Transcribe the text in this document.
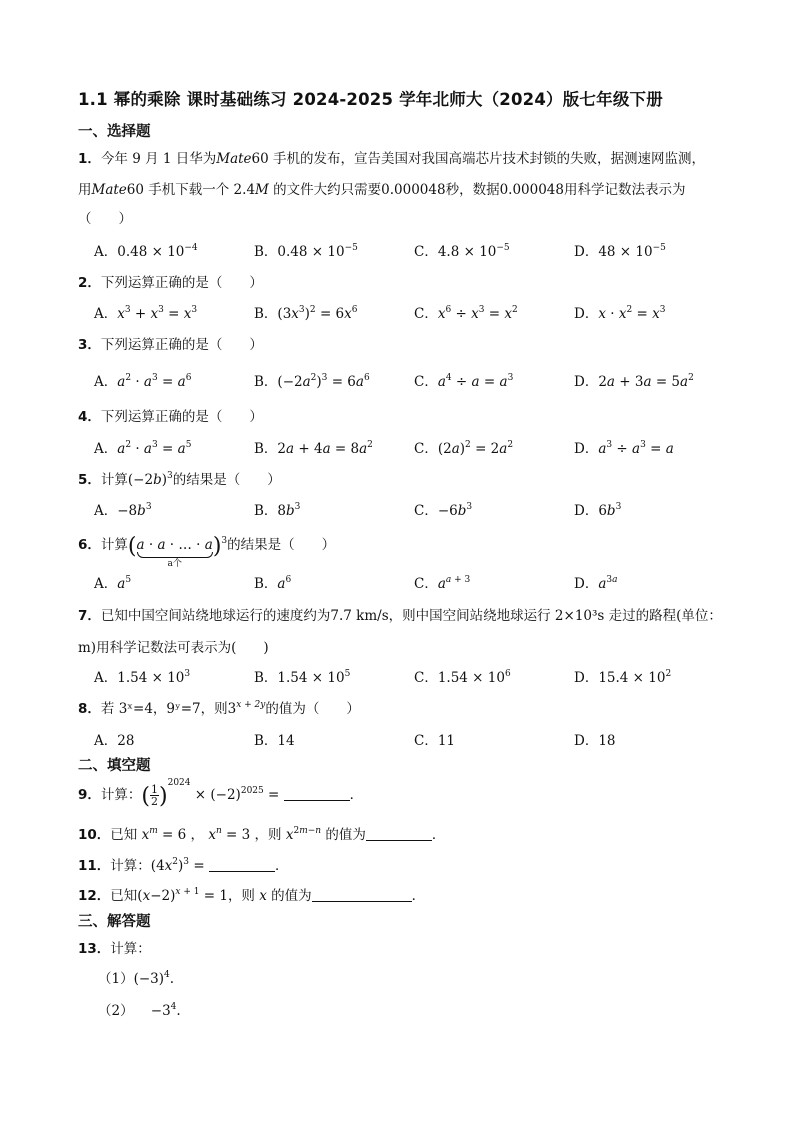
1.1 幂的乘除 课时基础练习 2024-2025 学年北师大（2024）版七年级下册
一、选择题
1．今年 9 月 1 日华为Mate60 手机的发布，宣告美国对我国高端芯片技术封锁的失败，据测速网监测，
用Mate60 手机下载一个 2.4M 的文件大约只需要0.000048秒，数据0.000048用科学记数法表示为
（　　）
A．$0.48 \times 10^{-4}$	B．$0.48 \times 10^{-5}$	C．$4.8 \times 10^{-5}$	D．$48 \times 10^{-5}$
2．下列运算正确的是（　　）
A．$x^3 + x^3 = x^3$	B．$(3x^3)^2 = 6x^6$	C．$x^6 \div x^3 = x^2$	D．$x \cdot x^2 = x^3$
3．下列运算正确的是（　　）
A．$a^2 \cdot a^3 = a^6$	B．$(-2a^2)^3 = 6a^6$	C．$a^4 \div a = a^3$	D．$2a + 3a = 5a^2$
4．下列运算正确的是（　　）
A．$a^2 \cdot a^3 = a^5$	B．$2a + 4a = 8a^2$	C．$(2a)^2 = 2a^2$	D．$a^3 \div a^3 = a$
5．计算$(-2b)^3$的结果是（　　）
A．$-8b^3$	B．$8b^3$	C．$-6b^3$	D．$6b^3$
6．计算(a · a · … · a
a个
)$^3$的结果是（　　）
A．$a^5$	B．$a^6$	C．$a^{a + 3}$	D．$a^{3a}$
7．已知中国空间站绕地球运行的速度约为7.7 km/s，则中国空间站绕地球运行 2×10³s 走过的路程(单位：
m)用科学记数法可表示为(　　)
A．$1.54 \times 10^3$	B．$1.54 \times 10^5$	C．$1.54 \times 10^6$	D．$15.4 \times 10^2$
8．若 3ˣ=4，9ʸ=7，则$3^{x + 2y}$的值为（　　）
A．28	B．14	C．11	D．18
二、填空题
9．计算：( $\frac{1}{2} )^{2024} \times (-2)^{2025}$ =	．
10．已知 $x^m = 6$ ， $x^n = 3$ ，则 $x^{2m-n}$ 的值为	．
11．计算：$(4x^2)^3$ =	．
12．已知$(x-2)^{x + 1} = 1$，则 x 的值为	．
三、解答题
13．计算：
$(1)(-3)^4$.
（2）    $-3^4$.
